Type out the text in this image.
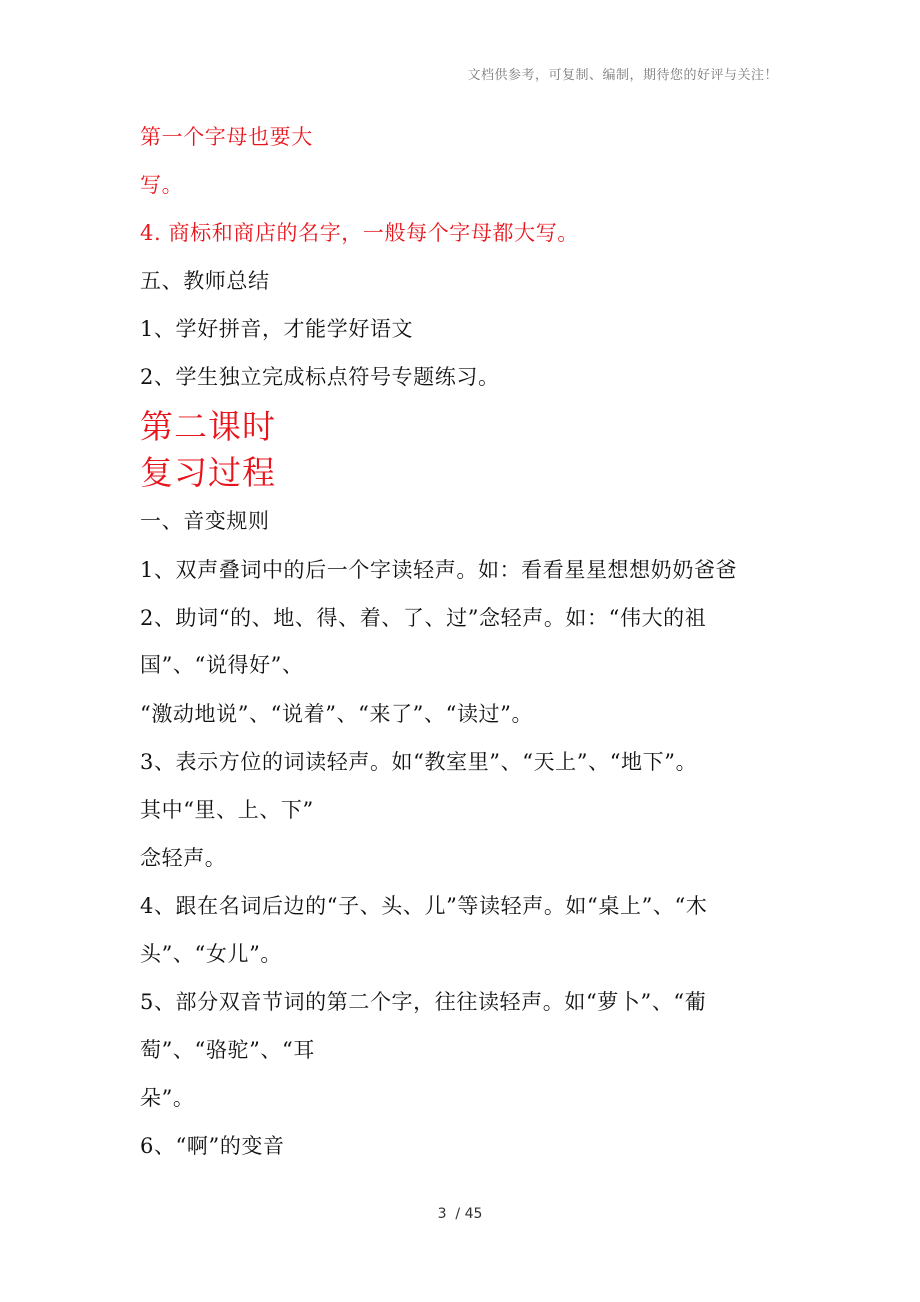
文档供参考，可复制、编制，期待您的好评与关注！
第一个字母也要大
写。
4. 商标和商店的名字，一般每个字母都大写。
五、教师总结
1、学好拼音，才能学好语文
2、学生独立完成标点符号专题练习。
第二课时
复习过程
一、音变规则
1、双声叠词中的后一个字读轻声。如：看看星星想想奶奶爸爸
2、助词“的、地、得、着、了、过”念轻声。如：“伟大的祖
国”、“说得好”、
“激动地说”、“说着”、“来了”、“读过”。
3、表示方位的词读轻声。如“教室里”、“天上”、“地下”。
其中“里、上、下”
念轻声。
4、跟在名词后边的“子、头、儿”等读轻声。如“桌上”、“木
头”、“女儿”。
5、部分双音节词的第二个字，往往读轻声。如“萝卜”、“葡
萄”、“骆驼”、“耳
朵”。
6、“啊”的变音
3  / 45
